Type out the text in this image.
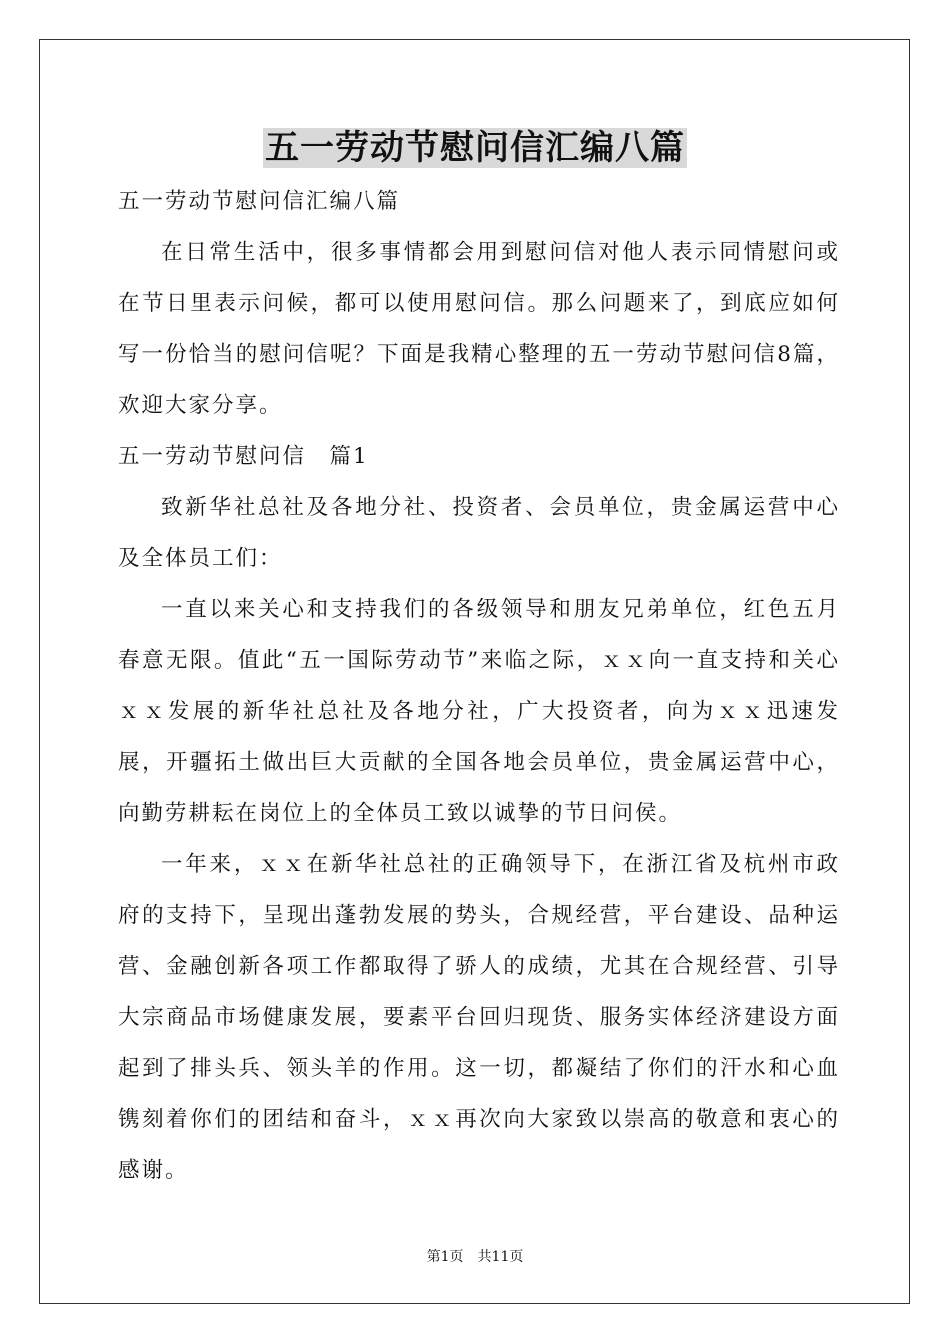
五一劳动节慰问信汇编八篇

五一劳动节慰问信汇编八篇

在日常生活中，很多事情都会用到慰问信对他人表示同情慰问或在节日里表示问候，都可以使用慰问信。那么问题来了，到底应如何写一份恰当的慰问信呢？下面是我精心整理的五一劳动节慰问信8篇，欢迎大家分享。

五一劳动节慰问信　篇1

致新华社总社及各地分社、投资者、会员单位，贵金属运营中心及全体员工们：

一直以来关心和支持我们的各级领导和朋友兄弟单位，红色五月春意无限。值此“五一国际劳动节”来临之际，ｘｘ向一直支持和关心ｘｘ发展的新华社总社及各地分社，广大投资者，向为ｘｘ迅速发展，开疆拓土做出巨大贡献的全国各地会员单位，贵金属运营中心，向勤劳耕耘在岗位上的全体员工致以诚挚的节日问侯。

一年来，ｘｘ在新华社总社的正确领导下，在浙江省及杭州市政府的支持下，呈现出蓬勃发展的势头，合规经营，平台建设、品种运营、金融创新各项工作都取得了骄人的成绩，尤其在合规经营、引导大宗商品市场健康发展，要素平台回归现货、服务实体经济建设方面起到了排头兵、领头羊的作用。这一切，都凝结了你们的汗水和心血镌刻着你们的团结和奋斗，ｘｘ再次向大家致以崇高的敬意和衷心的感谢。

第1页　共11页
